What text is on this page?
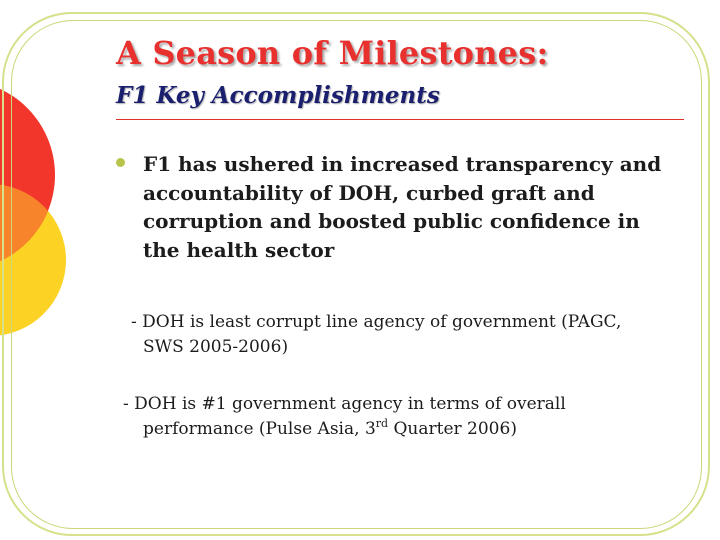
A Season of Milestones:
F1 Key Accomplishments

F1 has ushered in increased transparency and accountability of DOH, curbed graft and corruption and boosted public confidence in the health sector

- DOH is least corrupt line agency of government (PAGC,
SWS 2005-2006)

- DOH is #1 government agency in terms of overall
performance (Pulse Asia, 3rd Quarter 2006)
